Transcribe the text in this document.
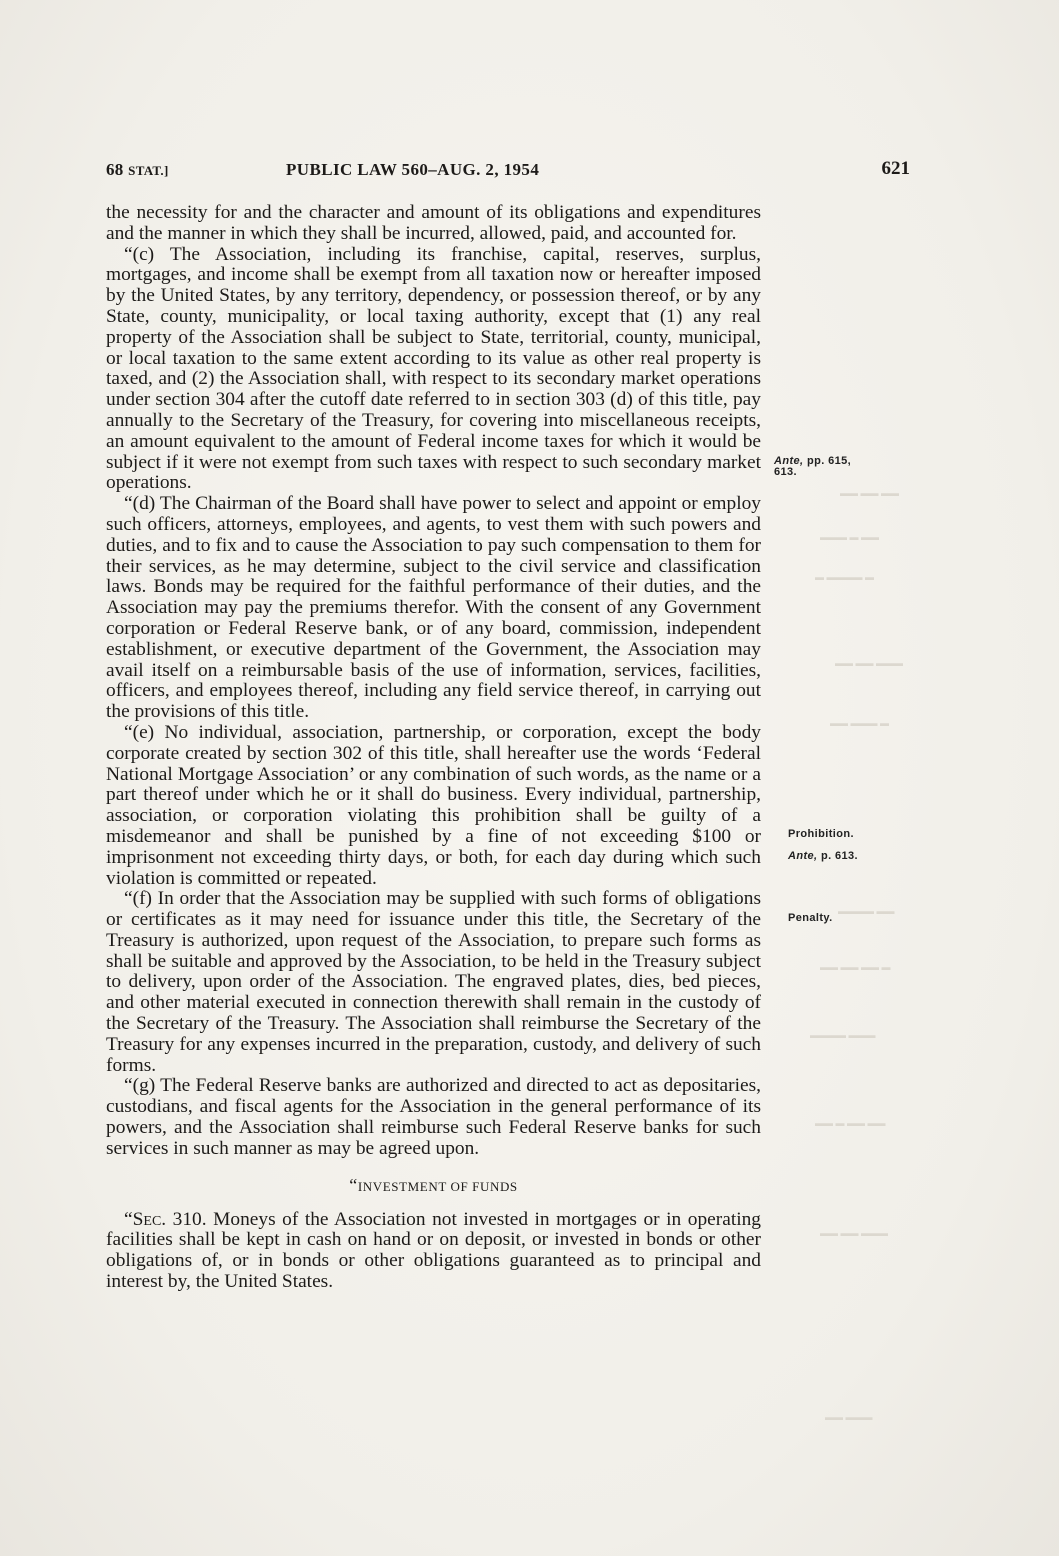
68 STAT.]	PUBLIC LAW 560–AUG. 2, 1954	621

the necessity for and the character and amount of its obligations and expenditures and the manner in which they shall be incurred, allowed, paid, and accounted for.

“(c) The Association, including its franchise, capital, reserves, surplus, mortgages, and income shall be exempt from all taxation now or hereafter imposed by the United States, by any territory, dependency, or possession thereof, or by any State, county, municipality, or local taxing authority, except that (1) any real property of the Association shall be subject to State, territorial, county, municipal, or local taxation to the same extent according to its value as other real property is taxed, and (2) the Association shall, with respect to its secondary market operations under section 304 after the cutoff date referred to in section 303 (d) of this title, pay annually to the Secretary of the Treasury, for covering into miscellaneous receipts, an amount equivalent to the amount of Federal income taxes for which it would be subject if it were not exempt from such taxes with respect to such secondary market operations.

“(d) The Chairman of the Board shall have power to select and appoint or employ such officers, attorneys, employees, and agents, to vest them with such powers and duties, and to fix and to cause the Association to pay such compensation to them for their services, as he may determine, subject to the civil service and classification laws. Bonds may be required for the faithful performance of their duties, and the Association may pay the premiums therefor. With the consent of any Government corporation or Federal Reserve bank, or of any board, commission, independent establishment, or executive department of the Government, the Association may avail itself on a reimbursable basis of the use of information, services, facilities, officers, and employees thereof, including any field service thereof, in carrying out the provisions of this title.

“(e) No individual, association, partnership, or corporation, except the body corporate created by section 302 of this title, shall hereafter use the words ‘Federal National Mortgage Association’ or any combination of such words, as the name or a part thereof under which he or it shall do business. Every individual, partnership, association, or corporation violating this prohibition shall be guilty of a misdemeanor and shall be punished by a fine of not exceeding $100 or imprisonment not exceeding thirty days, or both, for each day during which such violation is committed or repeated.

“(f) In order that the Association may be supplied with such forms of obligations or certificates as it may need for issuance under this title, the Secretary of the Treasury is authorized, upon request of the Association, to prepare such forms as shall be suitable and approved by the Association, to be held in the Treasury subject to delivery, upon order of the Association. The engraved plates, dies, bed pieces, and other material executed in connection therewith shall remain in the custody of the Secretary of the Treasury. The Association shall reimburse the Secretary of the Treasury for any expenses incurred in the preparation, custody, and delivery of such forms.

“(g) The Federal Reserve banks are authorized and directed to act as depositaries, custodians, and fiscal agents for the Association in the general performance of its powers, and the Association shall reimburse such Federal Reserve banks for such services in such manner as may be agreed upon.

“INVESTMENT OF FUNDS

“Sec. 310. Moneys of the Association not invested in mortgages or in operating facilities shall be kept in cash on hand or on deposit, or invested in bonds or other obligations of, or in bonds or other obligations guaranteed as to principal and interest by, the United States.

Ante, pp. 615,
613.
Prohibition.
Ante, p. 613.
Penalty.
▬▬ ▬▬ ▬▬
▬▬▬ ▬ ▬▬
▬ ▬▬▬▬ ▬
▬▬ ▬▬ ▬▬▬
▬▬ ▬▬▬ ▬
▬▬▬▬ ▬▬
▬▬ ▬▬ ▬▬ ▬
▬▬▬▬ ▬▬▬
▬▬ ▬ ▬▬ ▬▬
▬▬ ▬▬ ▬▬▬
▬▬ ▬▬▬
